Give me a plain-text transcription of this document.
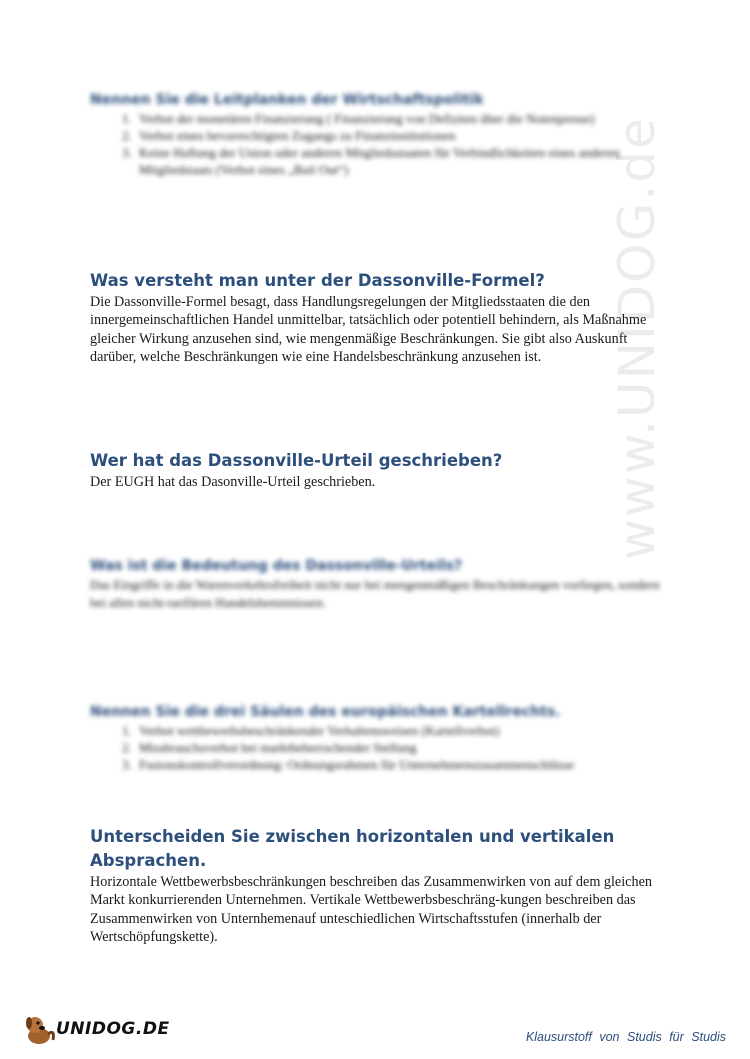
www.UNIDOG.de
Nennen Sie die Leitplanken der Wirtschaftspolitik
1. Verbot der monetären Finanzierung ( Finanzierung von Defiziten über die Notenpresse)
2. Verbot eines bevorrechtigten Zugangs zu Finanzinstitutionen
3. Keine Haftung der Union oder anderen Mitgliedsstaaten für Verbindlichkeiten eines anderen Mitgliedstaats (Verbot eines „Bail Out“)
Was versteht man unter der Dassonville-Formel?

Die Dassonville-Formel besagt, dass Handlungsregelungen der Mitgliedsstaaten die den innergemeinschaftlichen Handel unmittelbar, tatsächlich oder potentiell behindern, als Maßnahme gleicher Wirkung anzusehen sind, wie mengenmäßige Beschränkungen. Sie gibt also Auskunft darüber, welche Beschränkungen wie eine Handelsbeschränkung anzusehen ist.

Wer hat das Dassonville-Urteil geschrieben?

Der EUGH hat das Dasonville-Urteil geschrieben.

Was ist die Bedeutung des Dassonville-Urteils?

Das Eingriffe in die Warenverkehrsfreiheit nicht nur bei mengenmäßigen Beschränkungen vorliegen, sondern bei allen nicht-tarifären Handelshemmnissen.

Nennen Sie die drei Säulen des europäischen Kartellrechts.
1. Verbot wettbewerbsbeschränkender Verhaltensweisen (Kartellverbot)
2. Missbrauchsverbot bei marktbeherrschender Stellung
3. Fusionskontrollverordnung: Ordnungsrahmen für Unternehmenszusammenschlüsse
Unterscheiden Sie zwischen horizontalen und vertikalen Absprachen.

Horizontale Wettbewerbsbeschränkungen beschreiben das Zusammenwirken von auf dem gleichen Markt konkurrierenden Unternehmen. Vertikale Wettbewerbsbeschräng-kungen beschreiben das Zusammenwirken von Unternhemenauf unteschiedlichen Wirtschaftsstufen (innerhalb der Wertschöpfungskette).

UNIDOG.DE	Klausurstoff von Studis für Studis
